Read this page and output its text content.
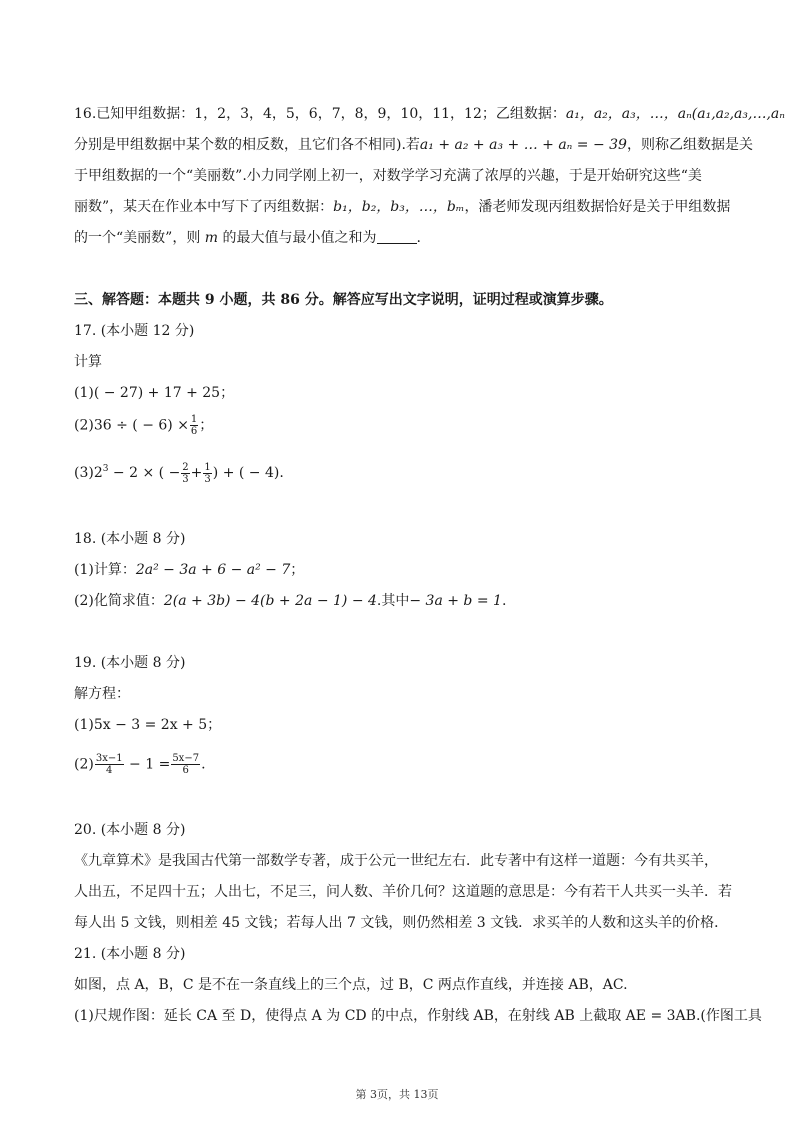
16.已知甲组数据：1，2，3，4，5，6，7，8，9，10，11，12；乙组数据：a₁，a₂，a₃，…，aₙ(a₁,a₂,a₃,…,aₙ
分别是甲组数据中某个数的相反数，且它们各不相同).若a₁ + a₂ + a₃ + … + aₙ = − 39，则称乙组数据是关
于甲组数据的一个“美丽数”.小力同学刚上初一，对数学学习充满了浓厚的兴趣，于是开始研究这些“美
丽数”，某天在作业本中写下了丙组数据：b₁，b₂，b₃，…，bₘ，潘老师发现丙组数据恰好是关于甲组数据
的一个“美丽数”，则 m 的最大值与最小值之和为	.
三、解答题：本题共 9 小题，共 86 分。解答应写出文字说明，证明过程或演算步骤。
17. (本小题 12 分)
计算
(1)( − 27) + 17 + 25；
(2)36 ÷ ( − $6) \times \frac{1}{6}$ ；
$(3)2^3 - 2$ × ( − $\frac{2}{3} + \frac{1}{3}$ ) + ( − 4).
18. (本小题 8 分)
(1)计算：2a² − 3a + 6 − a² − 7；
(2)化简求值：2(a + 3b) − 4(b + 2a − 1) − 4.其中− 3a + b = 1.
19. (本小题 8 分)
解方程：
(1)5x − 3 = 2x + 5；
$(2) \frac{3x-1}{4} - 1 = \frac{5x-7}{6}$ .
20. (本小题 8 分)
《九章算术》是我国古代第一部数学专著，成于公元一世纪左右．此专著中有这样一道题：今有共买羊，
人出五，不足四十五；人出七，不足三，问人数、羊价几何？这道题的意思是：今有若干人共买一头羊．若
每人出 5 文钱，则相差 45 文钱；若每人出 7 文钱，则仍然相差 3 文钱．求买羊的人数和这头羊的价格．
21. (本小题 8 分)
如图，点 A，B，C 是不在一条直线上的三个点，过 B，C 两点作直线，并连接 AB，AC.
(1)尺规作图：延长 CA 至 D，使得点 A 为 CD 的中点，作射线 AB，在射线 AB 上截取 AE = 3AB.(作图工具
第 3页，共 13页
